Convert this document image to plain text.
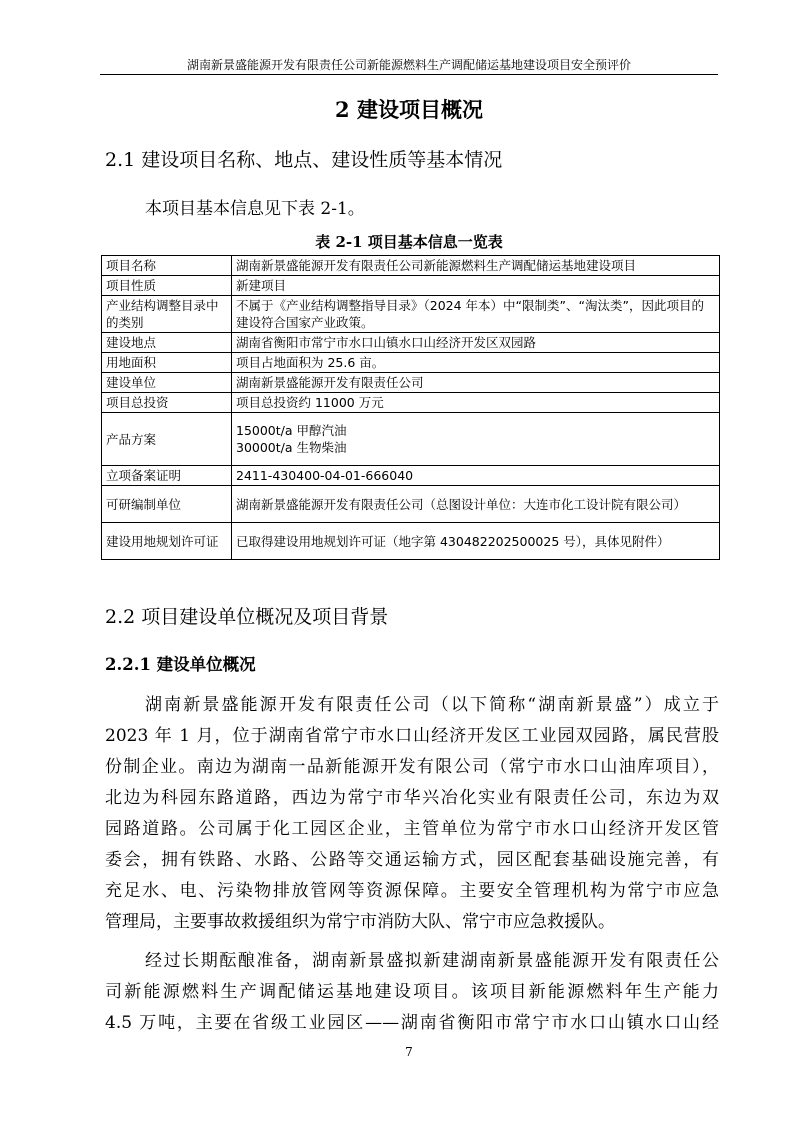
湖南新景盛能源开发有限责任公司新能源燃料生产调配储运基地建设项目安全预评价
2 建设项目概况
2.1 建设项目名称、地点、建设性质等基本情况
本项目基本信息见下表 2-1。
表 2-1 项目基本信息一览表
项目名称	湖南新景盛能源开发有限责任公司新能源燃料生产调配储运基地建设项目
项目性质	新建项目
产业结构调整目录中的类别	不属于《产业结构调整指导目录》（2024 年本）中“限制类”、“淘汰类”，因此项目的建设符合国家产业政策。
建设地点	湖南省衡阳市常宁市水口山镇水口山经济开发区双园路
用地面积	项目占地面积为 25.6 亩。
建设单位	湖南新景盛能源开发有限责任公司
项目总投资	项目总投资约 11000 万元
产品方案	15000t/a 甲醇汽油
30000t/a 生物柴油

立项备案证明	2411-430400-04-01-666040
可研编制单位	湖南新景盛能源开发有限责任公司（总图设计单位：大连市化工设计院有限公司）
建设用地规划许可证	已取得建设用地规划许可证（地字第 430482202500025 号），具体见附件）
2.2 项目建设单位概况及项目背景
2.2.1 建设单位概况
湖南新景盛能源开发有限责任公司（以下简称“湖南新景盛”）成立于
2023 年 1 月，位于湖南省常宁市水口山经济开发区工业园双园路，属民营股
份制企业。南边为湖南一品新能源开发有限公司（常宁市水口山油库项目），
北边为科园东路道路，西边为常宁市华兴冶化实业有限责任公司，东边为双
园路道路。公司属于化工园区企业，主管单位为常宁市水口山经济开发区管
委会，拥有铁路、水路、公路等交通运输方式，园区配套基础设施完善，有
充足水、电、污染物排放管网等资源保障。主要安全管理机构为常宁市应急
管理局，主要事故救援组织为常宁市消防大队、常宁市应急救援队。
经过长期酝酿准备，湖南新景盛拟新建湖南新景盛能源开发有限责任公
司新能源燃料生产调配储运基地建设项目。该项目新能源燃料年生产能力
4.5 万吨，主要在省级工业园区——湖南省衡阳市常宁市水口山镇水口山经
7
